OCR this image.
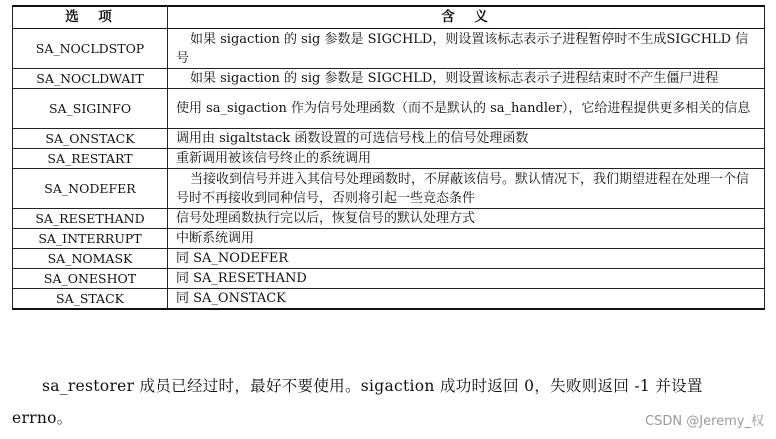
选　项	含　义
SA_NOCLDSTOP	如果 sigaction 的 sig 参数是 SIGCHLD，则设置该标志表示子进程暂停时不生成SIGCHLD 信号
SA_NOCLDWAIT	如果 sigaction 的 sig 参数是 SIGCHLD，则设置该标志表示子进程结束时不产生僵尸进程
SA_SIGINFO	使用 sa_sigaction 作为信号处理函数（而不是默认的 sa_handler），它给进程提供更多相关的信息
SA_ONSTACK	调用由 sigaltstack 函数设置的可选信号栈上的信号处理函数
SA_RESTART	重新调用被该信号终止的系统调用
SA_NODEFER	当接收到信号并进入其信号处理函数时，不屏蔽该信号。默认情况下，我们期望进程在处理一个信号时不再接收到同种信号，否则将引起一些竞态条件
SA_RESETHAND	信号处理函数执行完以后，恢复信号的默认处理方式
SA_INTERRUPT	中断系统调用
SA_NOMASK	同 SA_NODEFER
SA_ONESHOT	同 SA_RESETHAND
SA_STACK	同 SA_ONSTACK

sa_restorer 成员已经过时，最好不要使用。sigaction 成功时返回 0，失败则返回 -1 并设置 errno。	CSDN @Jeremy_权
